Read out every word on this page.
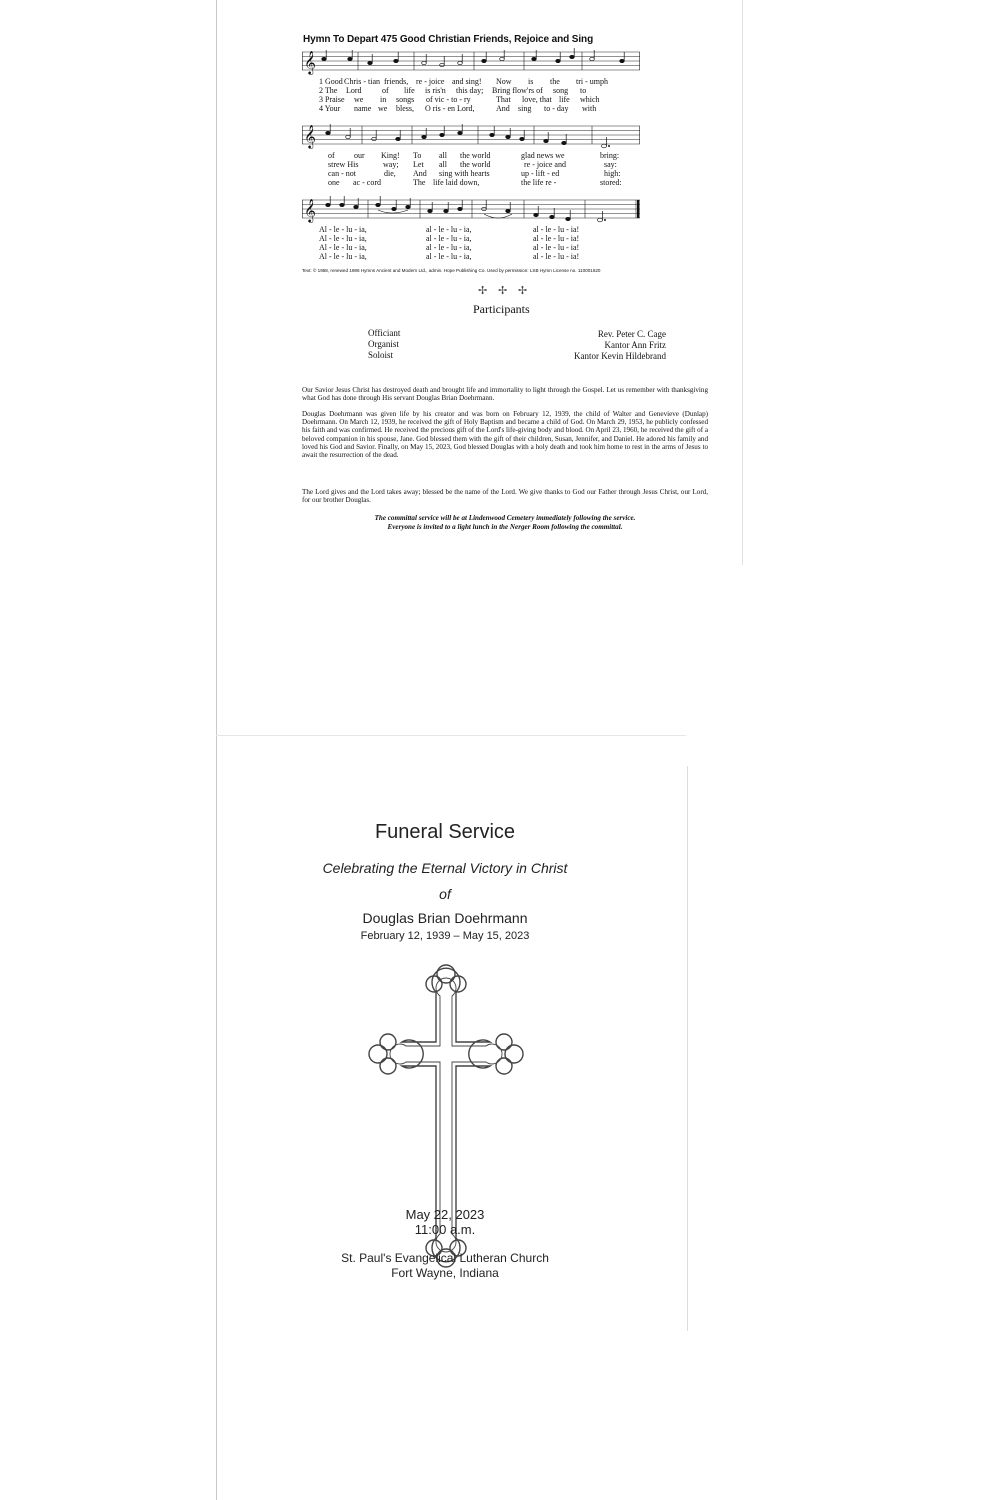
Hymn To Depart 475 Good Christian Friends, Rejoice and Sing
𝄞
1 Good Chris - tian friends, re - joice and sing! Now is the tri - umph
2 The Lord	of life is ris'n this day; Bring flow'rs of song to
3 Praise we in songs of vic - to - ry	That love, that life which
4 Your name we bless, O ris - en Lord,	And sing to - day with
𝄞
of our King! To all the world	glad news we	bring:
strew His	way; Let all the world	re - joice and	say:
can - not	die, And sing with hearts	up - lift - ed	high:
one ac - cord	The life laid down,	the life re -	stored:
𝄞
Al - le - lu - ia,	al - le - lu - ia,	al - le - lu - ia!
Al - le - lu - ia,	al - le - lu - ia,	al - le - lu - ia!
Al - le - lu - ia,	al - le - lu - ia,	al - le - lu - ia!
Al - le - lu - ia,	al - le - lu - ia,	al - le - lu - ia!
Text: © 1958, renewed 1986 Hymns Ancient and Modern Ltd., admin. Hope Publishing Co. Used by permission: LSB Hymn License no. 110001620
✢ ✢ ✢
Participants
Officiant	Rev. Peter C. Cage
Organist	Kantor Ann Fritz
Soloist	Kantor Kevin Hildebrand
Our Savior Jesus Christ has destroyed death and brought life and immortality to light through the Gospel. Let us remember with thanksgiving what God has done through His servant Douglas Brian Doehrmann.
Douglas Doehrmann was given life by his creator and was born on February 12, 1939, the child of Walter and Genevieve (Dunlap) Doehrmann. On March 12, 1939, he received the gift of Holy Baptism and became a child of God. On March 29, 1953, he publicly confessed his faith and was confirmed. He received the precious gift of the Lord's life-giving body and blood. On April 23, 1960, he received the gift of a beloved companion in his spouse, Jane. God blessed them with the gift of their children, Susan, Jennifer, and Daniel. He adored his family and loved his God and Savior. Finally, on May 15, 2023, God blessed Douglas with a holy death and took him home to rest in the arms of Jesus to await the resurrection of the dead.
The Lord gives and the Lord takes away; blessed be the name of the Lord. We give thanks to God our Father through Jesus Christ, our Lord, for our brother Douglas.
The committal service will be at Lindenwood Cemetery immediately following the service.
Everyone is invited to a light lunch in the Nerger Room following the committal.
Funeral Service
Celebrating the Eternal Victory in Christ
of
Douglas Brian Doehrmann
February 12, 1939 – May 15, 2023
May 22, 2023
11:00 a.m.
St. Paul's Evangelical Lutheran Church
Fort Wayne, Indiana
